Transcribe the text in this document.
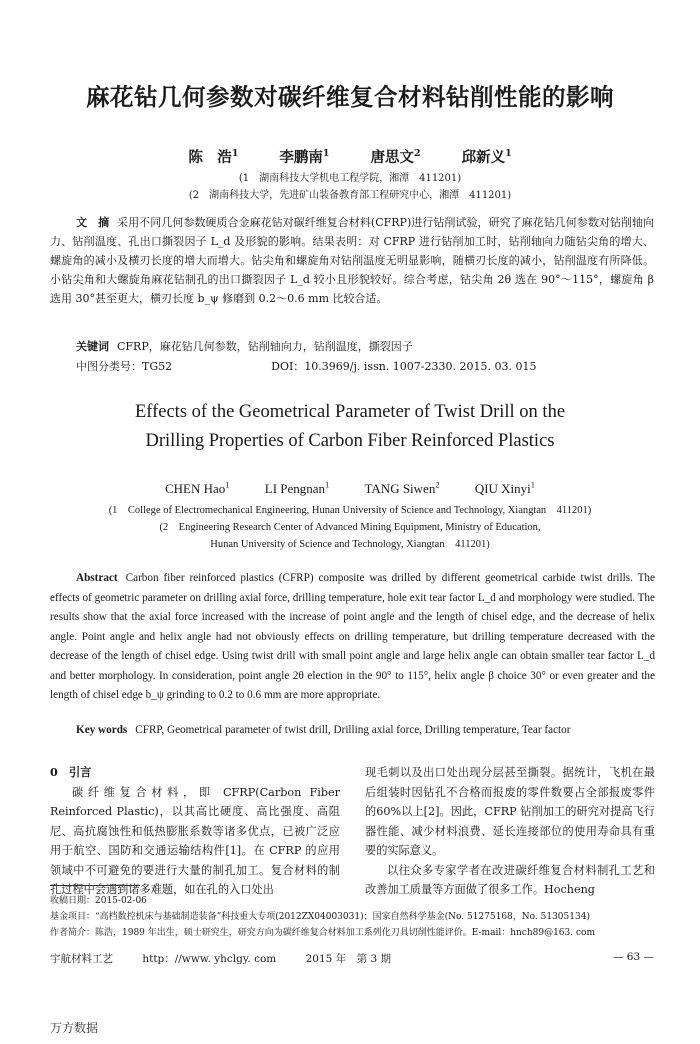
麻花钻几何参数对碳纤维复合材料钻削性能的影响
陈　浩$^1$	李鹏南$^1$	唐思文$^2$	邱新义$^1$
(1　湖南科技大学机电工程学院，湘潭　411201)
(2　湖南科技大学，先进矿山装备教育部工程研究中心，湘潭　411201)
文　摘 采用不同几何参数硬质合金麻花钻对碳纤维复合材料(CFRP)进行钻削试验，研究了麻花钻几何参数对钻削轴向力、钻削温度、孔出口撕裂因子 L_d 及形貌的影响。结果表明：对 CFRP 进行钻削加工时，钻削轴向力随钻尖角的增大、螺旋角的减小及横刃长度的增大而增大。钻尖角和螺旋角对钻削温度无明显影响，随横刃长度的减小，钻削温度有所降低。小钻尖角和大螺旋角麻花钻制孔的出口撕裂因子 L_d 较小且形貌较好。综合考虑，钻尖角 2θ 选在 90°～115°，螺旋角 β 选用 30°甚至更大，横刃长度 b_ψ 修磨到 0.2～0.6 mm 比较合适。
关键词 CFRP，麻花钻几何参数，钻削轴向力，钻削温度，撕裂因子
中图分类号：TG52	DOI：10.3969/j. issn. 1007-2330. 2015. 03. 015
Effects of the Geometrical Parameter of Twist Drill on the
Drilling Properties of Carbon Fiber Reinforced Plastics
CHEN Hao$^1$	LI Pengnan$^1$	TANG Siwen$^2$	QIU Xinyi$^1$
(1　College of Electromechanical Engineering, Hunan University of Science and Technology, Xiangtan　411201)
(2　Engineering Research Center of Advanced Mining Equipment, Ministry of Education,
Hunan University of Science and Technology, Xiangtan　411201)
Abstract Carbon fiber reinforced plastics (CFRP) composite was drilled by different geometrical carbide twist drills. The effects of geometric parameter on drilling axial force, drilling temperature, hole exit tear factor L_d and morphology were studied. The results show that the axial force increased with the increase of point angle and the length of chisel edge, and the decrease of helix angle. Point angle and helix angle had not obviously effects on drilling temperature, but drilling temperature decreased with the decrease of the length of chisel edge. Using twist drill with small point angle and large helix angle can obtain smaller tear factor L_d and better morphology. In consideration, point angle 2θ election in the 90° to 115°, helix angle β choice 30° or even greater and the length of chisel edge b_ψ grinding to 0.2 to 0.6 mm are more appropriate.
Key words CFRP, Geometrical parameter of twist drill, Drilling axial force, Drilling temperature, Tear factor
0　引言
碳纤维复合材料，即 CFRP(Carbon Fiber Reinforced Plastic)，以其高比硬度、高比强度、高阻尼、高抗腐蚀性和低热膨胀系数等诸多优点，已被广泛应用于航空、国防和交通运输结构件[1]。在 CFRP 的应用领域中不可避免的要进行大量的制孔加工。复合材料的制孔过程中会遇到诸多难题，如在孔的入口处出
现毛刺以及出口处出现分层甚至撕裂。据统计，飞机在最后组装时因钻孔不合格而报废的零件数要占全部报废零件的60%以上[2]。因此，CFRP 钻削加工的研究对提高飞行器性能、减少材料浪费、延长连接部位的使用寿命具有重要的实际意义。
以往众多专家学者在改进碳纤维复合材料制孔工艺和改善加工质量等方面做了很多工作。Hocheng
收稿日期：2015-02-06
基金项目：“高档数控机床与基础制造装备”科技重大专项(2012ZX04003031)；国家自然科学基金(No. 51275168，No. 51305134)
作者简介：陈浩，1989 年出生，硕士研究生，研究方向为碳纤维复合材料加工系列化刀具切削性能评价。E-mail：hnch89@163. com
宇航材料工艺	http：//www. yhclgy. com	2015 年　第 3 期	— 63 —
万方数据
